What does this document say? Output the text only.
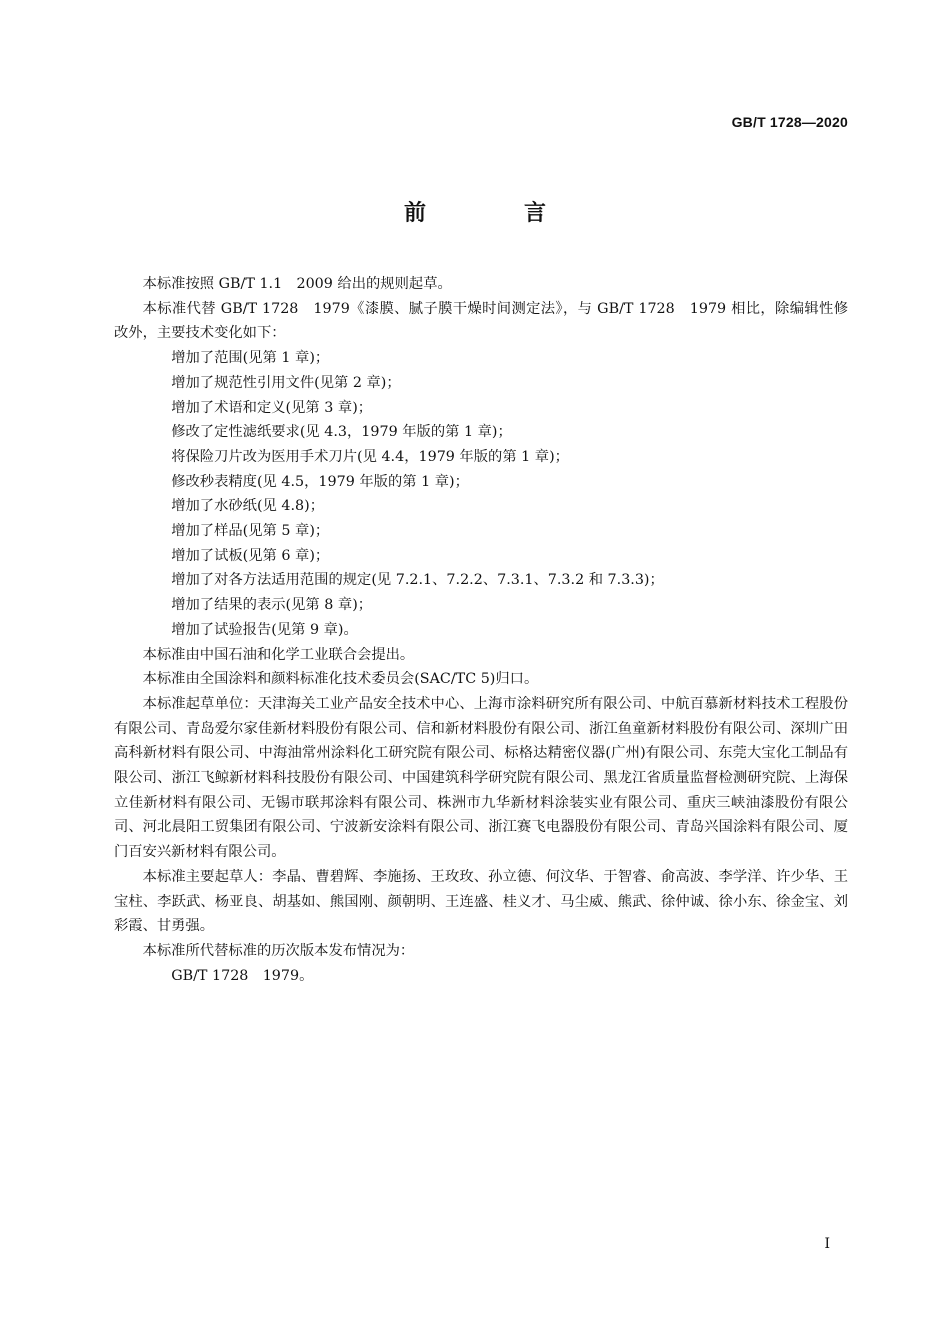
GB/T 1728—2020
前　言

本标准按照 GB/T 1.1　2009 给出的规则起草。

本标准代替 GB/T 1728　1979《漆膜、腻子膜干燥时间测定法》，与 GB/T 1728　1979 相比，除编辑性修改外，主要技术变化如下：

增加了范围(见第 1 章)；

增加了规范性引用文件(见第 2 章)；

增加了术语和定义(见第 3 章)；

修改了定性滤纸要求(见 4.3，1979 年版的第 1 章)；

将保险刀片改为医用手术刀片(见 4.4，1979 年版的第 1 章)；

修改秒表精度(见 4.5，1979 年版的第 1 章)；

增加了水砂纸(见 4.8)；

增加了样品(见第 5 章)；

增加了试板(见第 6 章)；

增加了对各方法适用范围的规定(见 7.2.1、7.2.2、7.3.1、7.3.2 和 7.3.3)；

增加了结果的表示(见第 8 章)；

增加了试验报告(见第 9 章)。

本标准由中国石油和化学工业联合会提出。

本标准由全国涂料和颜料标准化技术委员会(SAC/TC 5)归口。

本标准起草单位：天津海关工业产品安全技术中心、上海市涂料研究所有限公司、中航百慕新材料技术工程股份有限公司、青岛爱尔家佳新材料股份有限公司、信和新材料股份有限公司、浙江鱼童新材料股份有限公司、深圳广田高科新材料有限公司、中海油常州涂料化工研究院有限公司、标格达精密仪器(广州)有限公司、东莞大宝化工制品有限公司、浙江飞鲸新材料科技股份有限公司、中国建筑科学研究院有限公司、黑龙江省质量监督检测研究院、上海保立佳新材料有限公司、无锡市联邦涂料有限公司、株洲市九华新材料涂装实业有限公司、重庆三峡油漆股份有限公司、河北晨阳工贸集团有限公司、宁波新安涂料有限公司、浙江赛飞电器股份有限公司、青岛兴国涂料有限公司、厦门百安兴新材料有限公司。

本标准主要起草人：李晶、曹碧辉、李施扬、王玫玫、孙立德、何汶华、于智睿、俞高波、李学洋、许少华、王宝柱、李跃武、杨亚良、胡基如、熊国刚、颜朝明、王连盛、桂义才、马尘威、熊武、徐仲诚、徐小东、徐金宝、刘彩霞、甘勇强。

本标准所代替标准的历次版本发布情况为：

GB/T 1728　1979。

I
